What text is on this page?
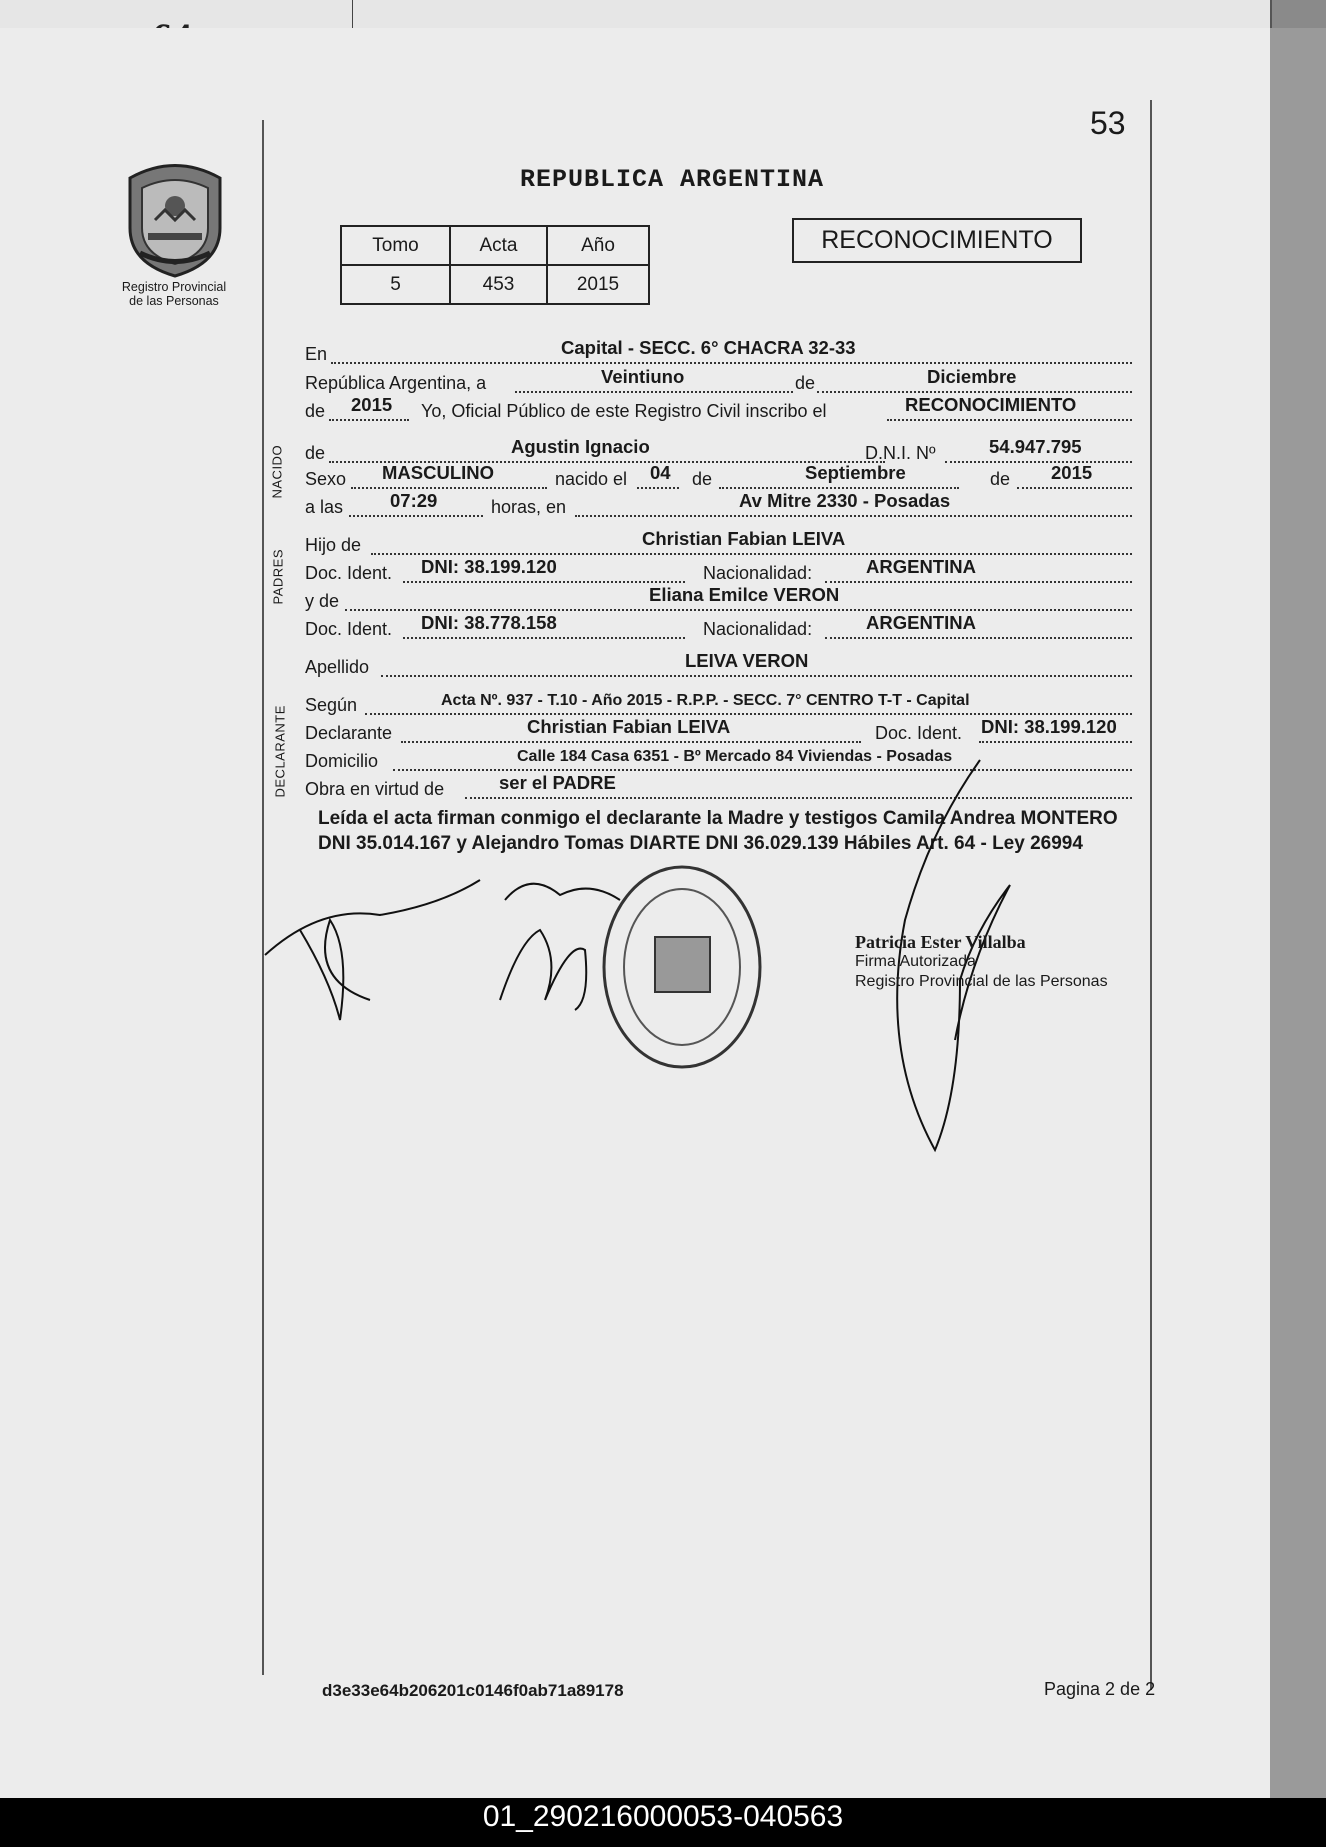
53
Registro Provincial
de las Personas
REPUBLICA ARGENTINA
Tomo	Acta	Año
5	453	2015
RECONOCIMIENTO
En	Capital - SECC. 6° CHACRA 32-33
República Argentina, a	Veintiuno	de	Diciembre
de 2015 Yo, Oficial Público de este Registro Civil inscribo el	RECONOCIMIENTO
NACIDO de	Agustin Ignacio	D.N.I. Nº	54.947.795
Sexo MASCULINO	nacido el 04 de	Septiembre	de 2015
a las	07:29	horas, en	Av Mitre 2330 - Posadas
PADRES
Hijo de	Christian Fabian LEIVA
Doc. Ident. DNI: 38.199.120	Nacionalidad:	ARGENTINA
y de	Eliana Emilce VERON
Doc. Ident. DNI: 38.778.158	Nacionalidad:	ARGENTINA
Apellido	LEIVA VERON
DECLARANTE
Según	Acta Nº. 937 - T.10 - Año 2015 - R.P.P. - SECC. 7° CENTRO T-T - Capital
Declarante	Christian Fabian LEIVA	Doc. Ident. DNI: 38.199.120
Domicilio	Calle 184 Casa 6351 - Bº Mercado 84 Viviendas - Posadas
Obra en virtud de	ser el PADRE
Leída el acta firman conmigo el declarante la Madre y testigos Camila Andrea MONTERO DNI 35.014.167 y Alejandro Tomas DIARTE DNI 36.029.139 Hábiles Art. 64 - Ley 26994
Patricia Ester Villalba
Firma Autorizada
Registro Provincial de las Personas
d3e33e64b206201c0146f0ab71a89178	Pagina 2 de 2
01_290216000053-040563
